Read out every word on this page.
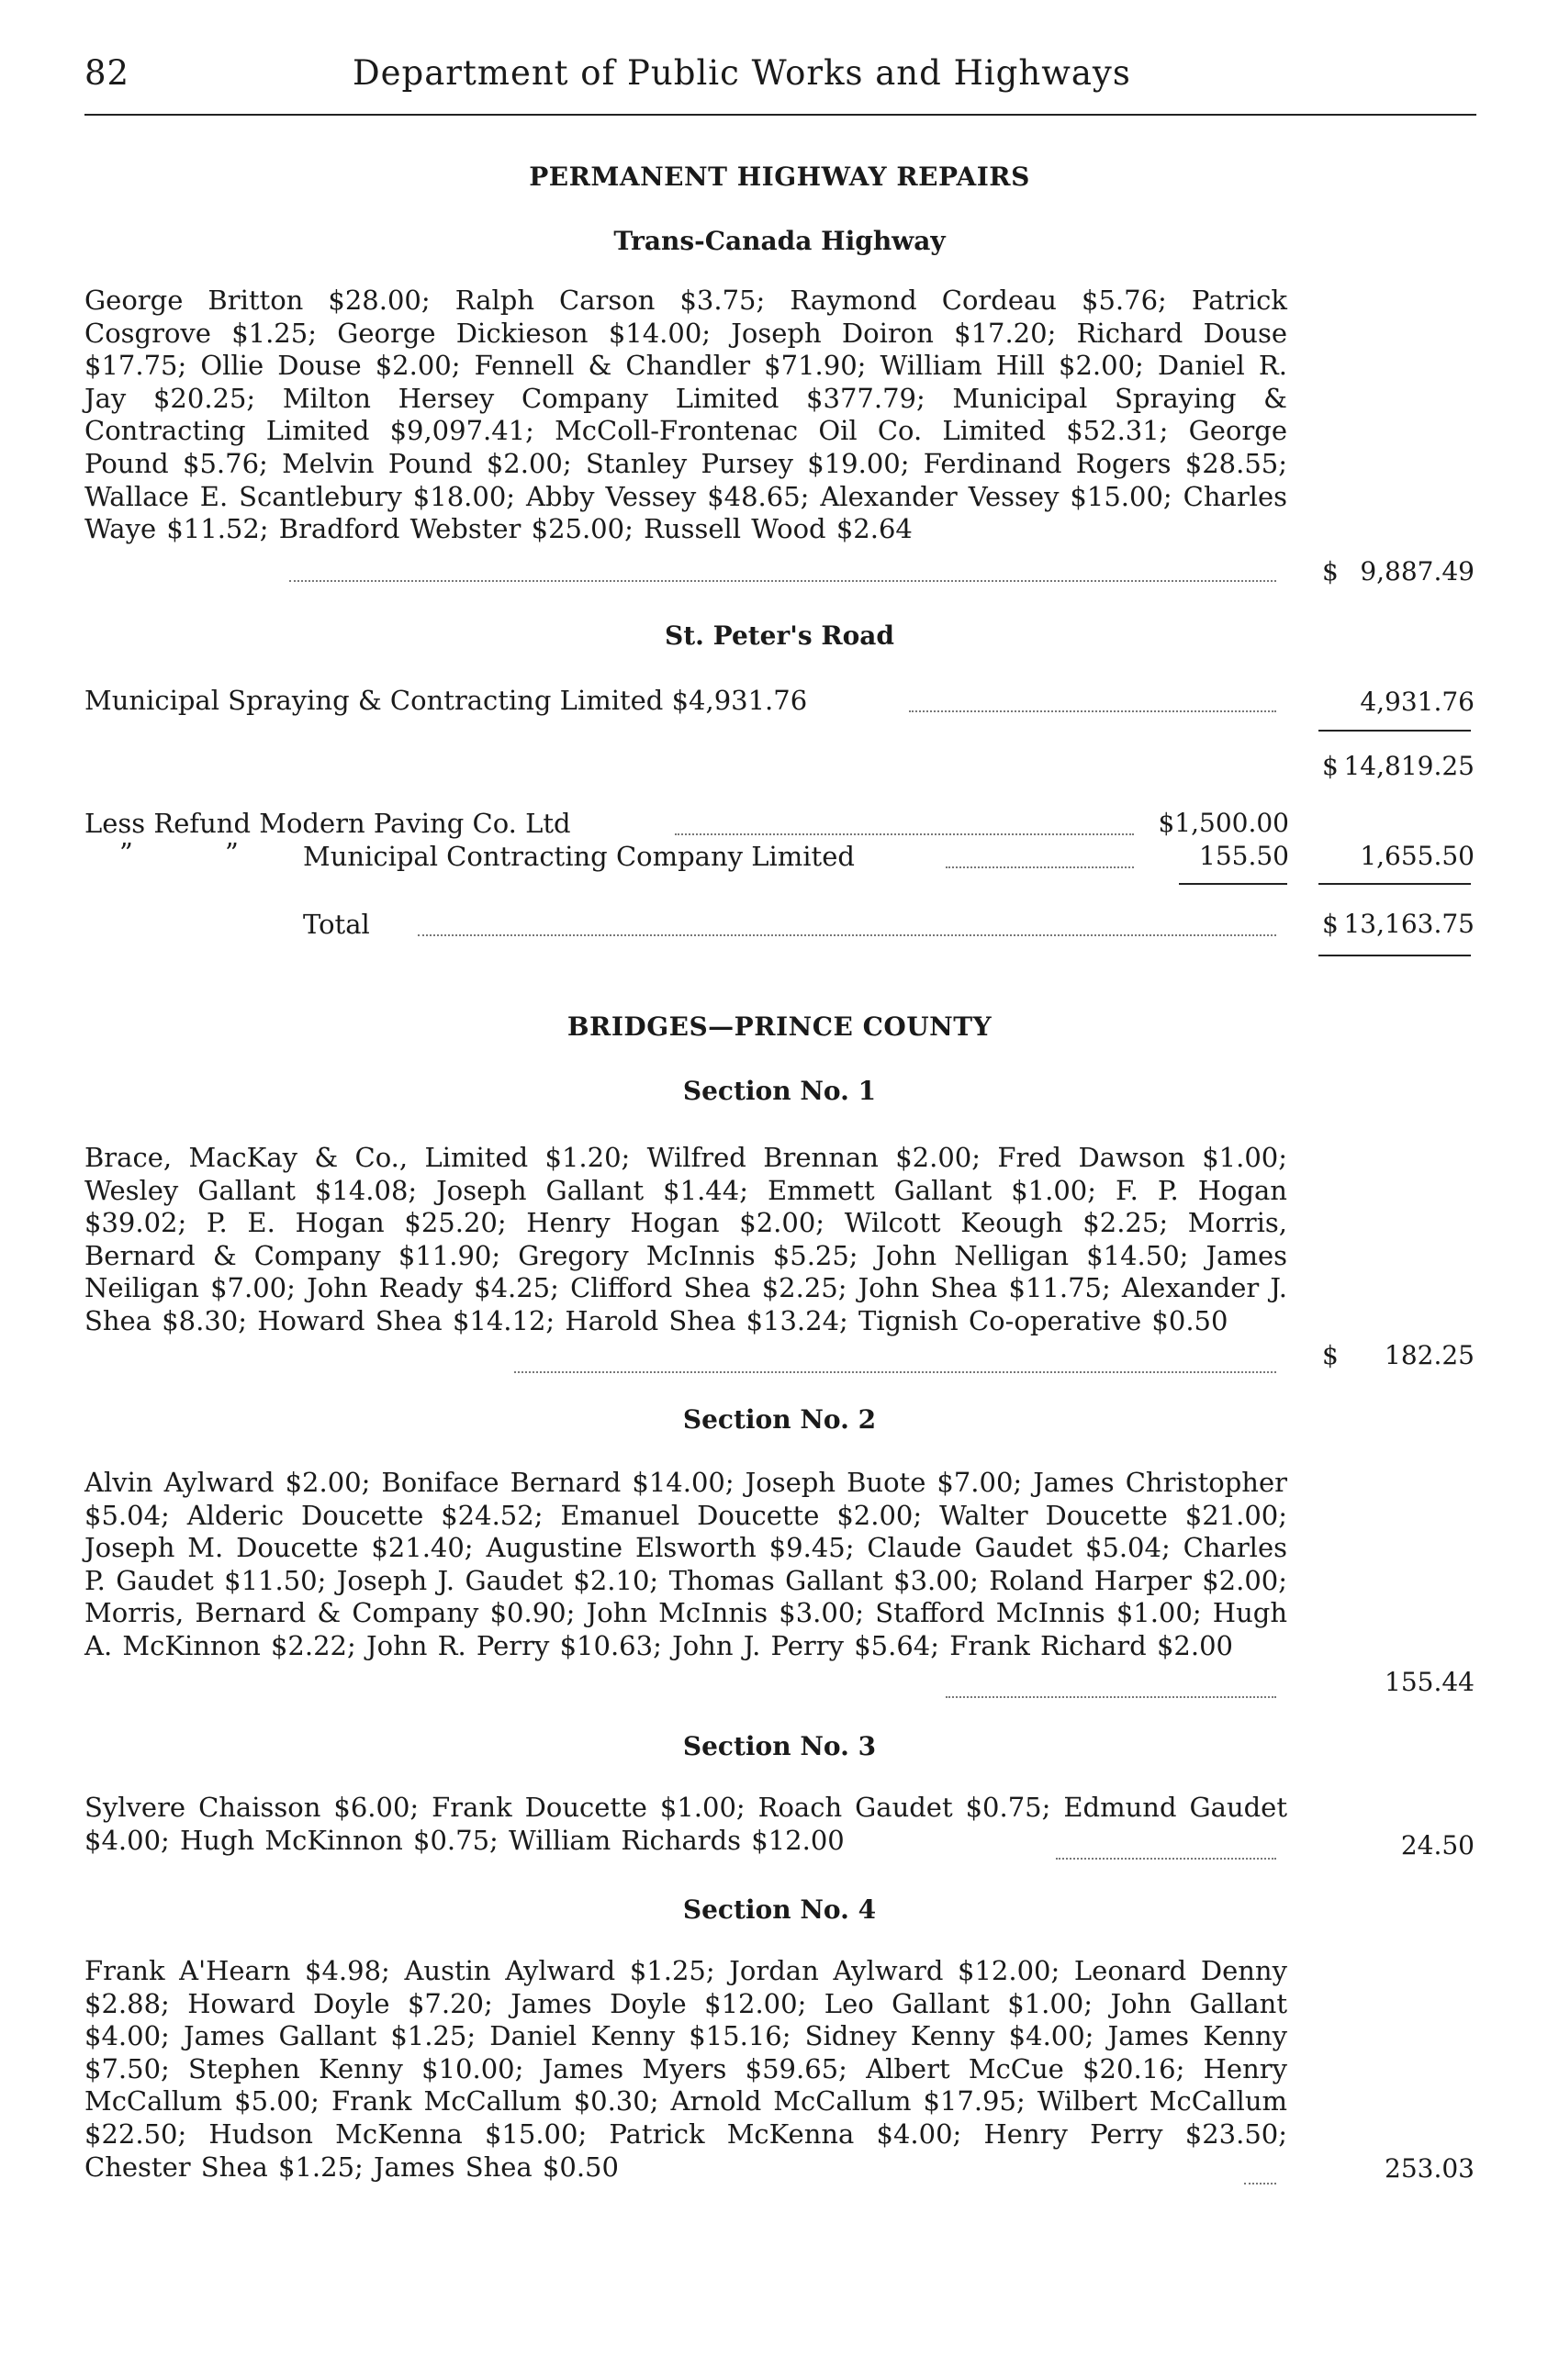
82	Department of Public Works and Highways
PERMANENT HIGHWAY REPAIRS
Trans-Canada Highway
George Britton $28.00; Ralph Carson $3.75; Raymond Cordeau $5.76; Patrick Cosgrove $1.25; George Dickieson $14.00; Joseph Doiron $17.20; Richard Douse $17.75; Ollie Douse $2.00; Fennell & Chandler $71.90; William Hill $2.00; Daniel R. Jay $20.25; Milton Hersey Company Limited $377.79; Municipal Spraying & Contracting Limited $9,097.41; McColl-Frontenac Oil Co. Limited $52.31; George Pound $5.76; Melvin Pound $2.00; Stanley Pursey $19.00; Ferdinand Rogers $28.55; Wallace E. Scantlebury $18.00; Abby Vessey $48.65; Alexander Vessey $15.00; Charles Waye $11.52; Bradford Webster $25.00; Russell Wood $2.64
$ 9,887.49
St. Peter's Road
Municipal Spraying & Contracting Limited $4,931.76	4,931.76
$ 14,819.25
Less Refund Modern Paving Co. Ltd	$1,500.00
”	” Municipal Contracting Company Limited	155.50	1,655.50
Total	$ 13,163.75
BRIDGES—PRINCE COUNTY
Section No. 1
Brace, MacKay & Co., Limited $1.20; Wilfred Brennan $2.00; Fred Dawson $1.00; Wesley Gallant $14.08; Joseph Gallant $1.44; Emmett Gallant $1.00; F. P. Hogan $39.02; P. E. Hogan $25.20; Henry Hogan $2.00; Wilcott Keough $2.25; Morris, Bernard & Company $11.90; Gregory McInnis $5.25; John Nelligan $14.50; James Neiligan $7.00; John Ready $4.25; Clifford Shea $2.25; John Shea $11.75; Alexander J. Shea $8.30; Howard Shea $14.12; Harold Shea $13.24; Tignish Co-operative $0.50
$	182.25
Section No. 2
Alvin Aylward $2.00; Boniface Bernard $14.00; Joseph Buote $7.00; James Christopher $5.04; Alderic Doucette $24.52; Emanuel Doucette $2.00; Walter Doucette $21.00; Joseph M. Doucette $21.40; Augustine Elsworth $9.45; Claude Gaudet $5.04; Charles P. Gaudet $11.50; Joseph J. Gaudet $2.10; Thomas Gallant $3.00; Roland Harper $2.00; Morris, Bernard & Company $0.90; John McInnis $3.00; Stafford McInnis $1.00; Hugh A. McKinnon $2.22; John R. Perry $10.63; John J. Perry $5.64; Frank Richard $2.00
155.44
Section No. 3
Sylvere Chaisson $6.00; Frank Doucette $1.00; Roach Gaudet $0.75; Edmund Gaudet $4.00; Hugh McKinnon $0.75; William Richards $12.00	24.50
Section No. 4
Frank A'Hearn $4.98; Austin Aylward $1.25; Jordan Aylward $12.00; Leonard Denny $2.88; Howard Doyle $7.20; James Doyle $12.00; Leo Gallant $1.00; John Gallant $4.00; James Gallant $1.25; Daniel Kenny $15.16; Sidney Kenny $4.00; James Kenny $7.50; Stephen Kenny $10.00; James Myers $59.65; Albert McCue $20.16; Henry McCallum $5.00; Frank McCallum $0.30; Arnold McCallum $17.95; Wilbert McCallum $22.50; Hudson McKenna $15.00; Patrick McKenna $4.00; Henry Perry $23.50; Chester Shea $1.25; James Shea $0.50	253.03
